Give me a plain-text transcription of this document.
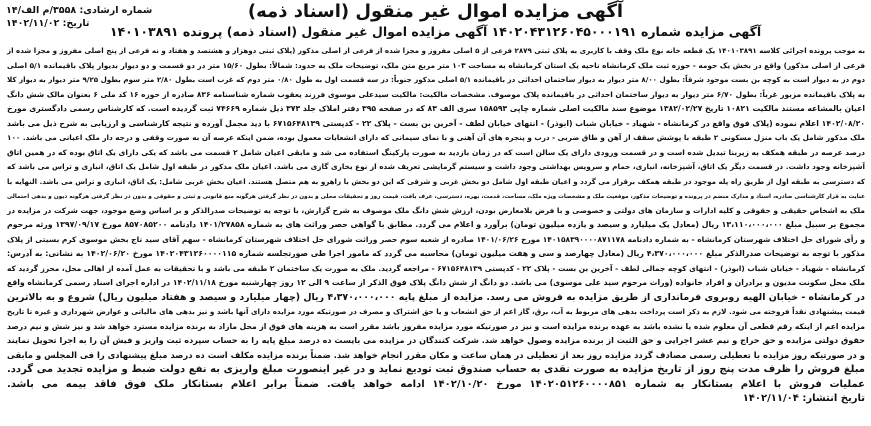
شماره ارشادی: ۳۵۵۸/م الف/۱۴
تاریخ: ۱۴۰۲/۱۱/۰۲
آگهی مزایده اموال غیر منقول (اسناد ذمه)
آگهی مزایده شماره ۱۴۰۲۰۴۳۱۲۶۰۴۵۰۰۰۱۹۱ آگهی مزایده اموال غیر منقول (اسناد ذمه) پرونده ۱۴۰۱۰۳۸۹۱
به موجب پرونده اجرائی کلاسه ۱۴۰۱۰۳۸۹۱ یک قطعه خانه نوع ملک وقف با کاربری به پلاک ثبتی ۲۸۷۹ فرعی از ۵ اصلی مفروز و مجزا شده از فرعی از اصلی مذکور (پلاک ثبتی دوهزار و هشتصد و هفتاد و نه فرعی از پنج اصلی مفروز و مجزا شده از
فرعی از اصلی مذکور) واقع در بخش یک حومه - حوزه ثبت ملک کرمانشاه ناحیه یک استان کرمانشاه به مساحت ۱۰۳ متر مربع متن ملک، توضیحات ملک به حدود: شمالاً: بطول ۱۵/۶۰ متر در دو قسمت و دو دیوار بدیوار پلاک باقیمانده ۵/۱ اصلی
دوم در به دیوار است به کوچه بن بست موجود شرقاً: بطول ۸/۰۰ متر دیوار به دیوار ساختمان احداثی در باقیمانده ۵/۱ اصلی مذکور جنوباً: در سه قسمت اول به طول ۰/۸۰ متر دوم که غرب است بطول ۲/۸۰ متر سوم بطول ۹/۲۵ متر دیوار به دیوار کلا
به پلاک باقیمانده مزبور غرباً: بطول ۶/۷۰ متر دیوار به دیوار ساختمان احداثی در باقیمانده پلاک موصوف. مشخصات مالکیت: مالکیت سیدعلی موسوی فرزند یعقوب شماره شناسنامه ۸۳۶ صادره از حوزه ۱۶ کد ملی ۶ بعنوان مالک شش دانگ
اعیان بالمشاعه مستند مالکیت ۱۰۸۲۱ تاریخ ۱۳۸۲/۰۲/۲۷ موضوع سند مالکیت اصلی شماره چاپی ۱۵۸۵۹۳ سری الف ۸۳ که در صفحه ۳۹۵ دفتر املاک جلد ۳۷۳ ذیل شماره ۷۴۶۶۹ ثبت گردیده است. که کارشناس رسمی دادگستری مورخ
۱۴۰۲/۰۸/۲۰ اعلام نموده (پلاک فوق واقع در کرمانشاه - شهیاد - خیابان شباب (ابوذر) - انتهای خیابان لطف - آخرین بن بست - پلاک ۲۲ - کدپستی ۶۷۱۵۶۴۸۱۳۹ با دید مجمل آورده و نتیجه کارشناسی و ارزیابی به شرح ذیل می باشد
ملک مذکور شامل یک باب منزل مسکونی ۲ طبقه با پوشش سقف از آهن و طاق ضربی - درب و پنجره های آن آهنی و با نمای سیمانی که دارای انشعابات معمول بوده، ضمن اینکه عرصه آن به صورت وقفی و درجه دار ملک اعیانی می باشد. ۱۰۰
درصد عرصه در طبقه همکف به زیربنا تبدیل شده است و در قسمت ورودی دارای یک سالن است که در زمان بازدید به صورت پارکینگ استفاده می شد و مابقی اعیان شامل ۲ قسمت می باشد که یکی دارای یک اتاق بوده که در همین اتاق
آشپزخانه وجود داشت. در قسمت دیگر یک اتاق، آشپزخانه، انباری، حمام و سرویس بهداشتی وجود داشت و سیستم گرمایشی تعریف شده از نوع بخاری گازی می باشد. اعیان ملک مذکور در طبقه اول شامل یک اتاق، انباری و تراس می باشد که
که دسترسی به طبقه اول از طریق راه پله موجود در طبقه همکف برقرار می گردد و اعیان طبقه اول شامل دو بخش غربی و شرقی که این دو بخش با راهرو به هم متصل هستند. اعیان بخش غربی شامل: یک اتاق، انباری و تراس می باشد. النهایه با
عنایت به قرار کارشناسی صادره، اسناد و مدارک منضم در پرونده و توضیحات مذکور، موقعیت ملک و مشخصات ویژه ملک، مساحت، قدمت، بهره، دسترسی، عرف بافت، قیمت روز و تحقیقات محلی و بدون در نظر گرفتن هرگونه منع قانونی و ثبتی و حقوقی و بدون در نظر گرفتن هرگونه دیون و بدهی احتمالی
ملک به اشخاص حقیقی و حقوقی و کلیه ادارات و سازمان های دولتی و خصوصی و با فرض بلامعارض بودن، ارزش شش دانگ ملک موصوف به شرح گزارش، با توجه به توضیحات صدرالذکر و بر اساس وضع موجود، جهت شرکت در مزایده در
مجموع بر سبیل مبلغ ۱۳،۱۱۰،۰۰۰،۰۰۰ ریال (معادل یک میلیارد و سیصد و یازده میلیون تومان) برآورد و اعلام می گردد. مطابق با گواهی حصر وراثت های به شماره ۱۴۰۱/۲۷۸۵۸ دادنامه ۸۵۷۰۸۵۲۰۰ مورخ ۱۳۹۷/۰۹/۱۷ ورثه مرحوم
و رأی شورای حل اختلاف شهرستان کرمانشاه - به شماره دادنامه ۱۴۰۱۵۸۳۹۰۰۰۰۸۷۱۱۷۸ مورخ ۱۴۰۱/۰۶/۲۶ صادره از شعبه سوم حصر وراثت شورای حل اختلاف شهرستان کرمانشاه - سهم آقای سید تاج بخش موسوی کرم بسیتی از پلاک
مذکور با توجه به توضیحات صدرالذکر مبلغ ۴،۳۷۰،۰۰۰،۰۰۰ ریال (معادل چهارصد و سی و هفت میلیون تومان) محاسبه می گردد که مامور اجرا طی صورتجلسه شماره ۱۴۰۲۰۴۳۱۲۶۰۰۰۰۱۱۵ مورخ ۱۴۰۲/۰۶/۲۰ به نشانی: به آدرس:
کرمانشاه - شهیاد - خیابان شباب (ابوذر) - انتهای کوچه جمالی لطف - آخرین بن بست - پلاک ۲۲ - کدپستی ۶۷۱۵۶۴۸۱۳۹ - مراجعه گردید. ملک به صورت یک ساختمان ۲ طبقه می باشد و با تحقیقات به عمل آمده از اهالی محل، محرز گردید که
ملک محل سکونت مدیون و برادران و افراد خانواده (وراث مرحوم سید علی موسوی) می باشد. دو دانگ از شش دانگ پلاک فوق الذکر از ساعت ۹ الی ۱۲ روز چهارشنبه مورخ ۱۴۰۲/۱۱/۱۸ در اداره اجرای اسناد رسمی کرمانشاه واقع
در کرمانشاه - خیابان الهیه روبروی فرمانداری از طریق مزایده به فروش می رسد. مزایده از مبلغ پایه ۴،۳۷۰،۰۰۰،۰۰۰ ریال (چهار میلیارد و سیصد و هفتاد میلیون ریال) شروع و به بالاترین
قیمت پیشنهادی نقداً فروخته می شود. لازم به ذکر است پرداخت بدهی های مربوط به آب، برق، گاز اعم از حق انشعاب و یا حق اشتراک و مصرف در صورتیکه مورد مزایده دارای آنها باشد و نیز بدهی های مالیاتی و عوارض شهرداری و غیره تا تاریخ
مزایده اعم از اینکه رقم قطعی آن معلوم شده یا نشده باشد به عهده برنده مزایده است و نیز در صورتیکه مورد مزایده مفروز باشد مقرر است به هزینه های فوق از محل مازاد به برنده مزایده مسترد خواهد شد و نیز شش و نیم درصد
حقوق دولتی مزایده و حق حراج و نیم عشر اجرایی و حق الثبت از برنده مزایده وصول خواهد شد. شرکت کنندگان در مزایده می بایست ده درصد مبلغ پایه را به حساب سپرده ثبت واریز و فیش آن را به اجرا تحویل نمایند
و در صورتیکه روز مزایده با تعطیلی رسمی مصادف گردد مزایده روز بعد از تعطیلی در همان ساعت و مکان مقرر انجام خواهد شد. ضمناً برنده مزایده مکلف است ده درصد مبلغ پیشنهادی را فی المجلس و مابقی
مبلغ فروش را ظرف مدت پنج روز از تاریخ مزایده به صورت نقدی به حساب صندوق ثبت تودیع نماید و در غیر اینصورت مبلغ واریزی به نفع دولت ضبط و مزایده تجدید می گردد.
عملیات فروش با اعلام بستانکار به شماره ۱۴۰۲۰۵۱۲۶۰۰۰۰۸۵۱ مورخ ۱۴۰۲/۱۰/۲۰ ادامه خواهد یافت. ضمناً برابر اعلام بستانکار ملک فوق فاقد بیمه می باشد.
تاریخ انتشار: ۱۴۰۲/۱۱/۰۴
